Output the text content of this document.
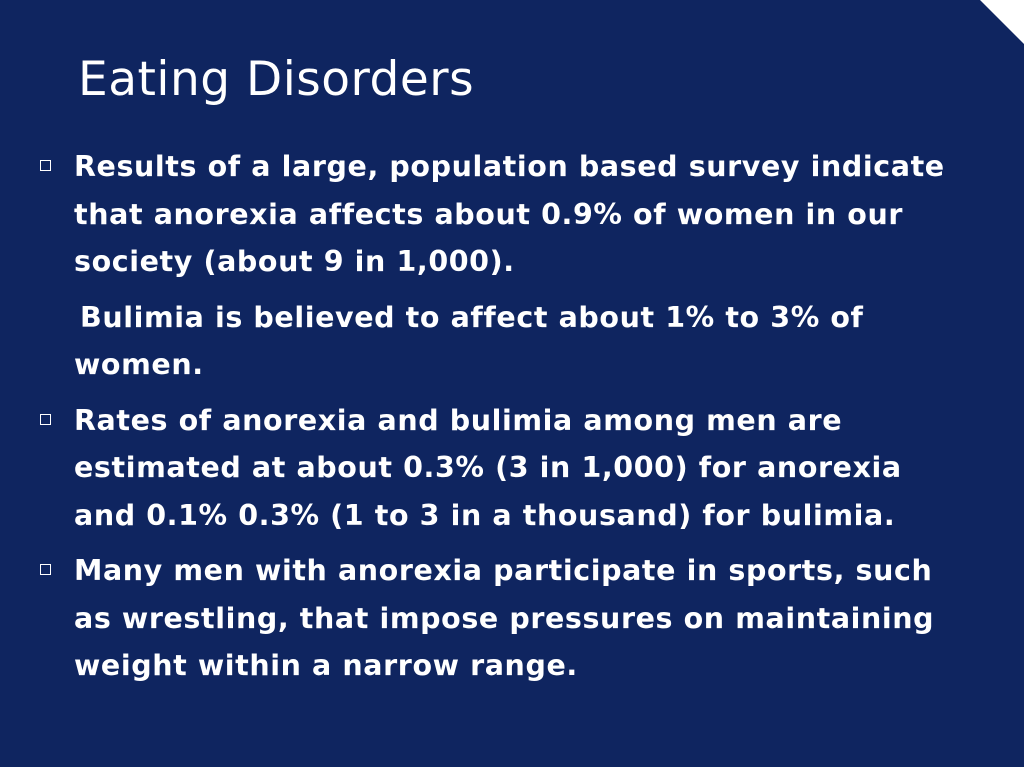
Eating Disorders
Results of a large, population based survey indicate that anorexia affects about 0.9% of women in our society (about 9 in 1,000).
Bulimia is believed to affect about 1% to 3% of women.
Rates of anorexia and bulimia among men are estimated at about 0.3% (3 in 1,000) for anorexia and 0.1% 0.3% (1 to 3 in a thousand) for bulimia.
Many men with anorexia participate in sports, such as wrestling, that impose pressures on maintaining weight within a narrow range.
